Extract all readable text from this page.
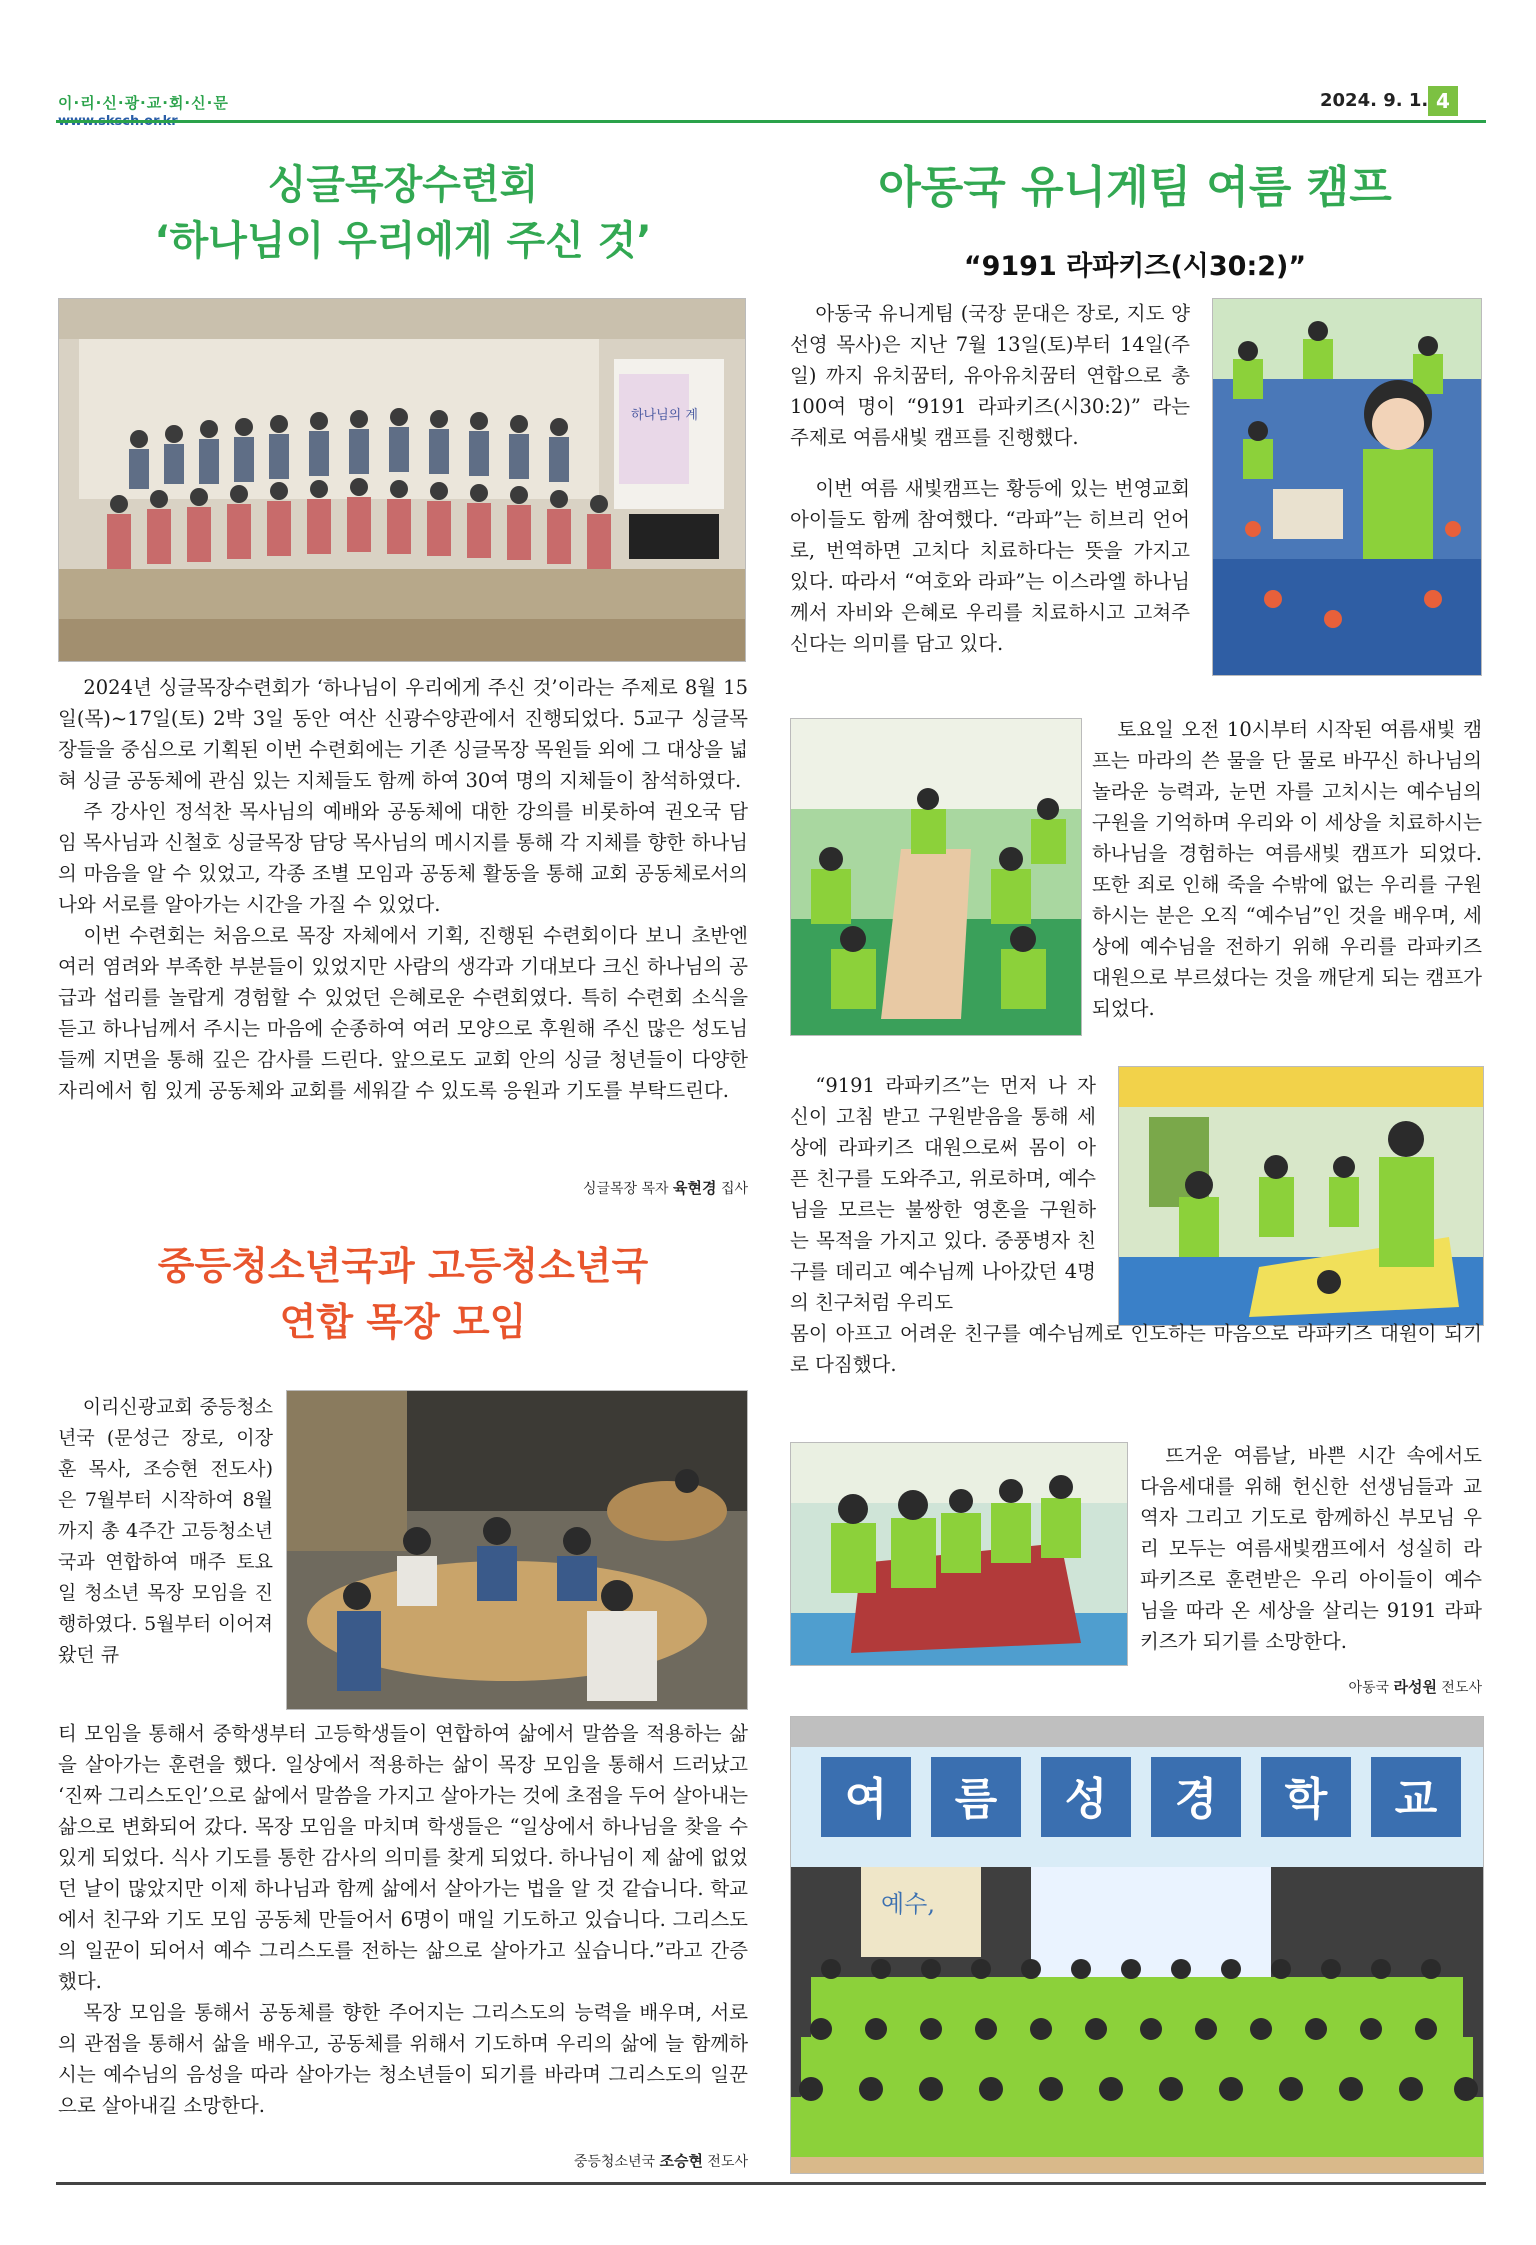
이·리·신·광·교·회·신·문	2024. 9. 1. 4
싱글목장수련회
‘하나님이 우리에게 주신 것’
하나님의 계

2024년 싱글목장수련회가 ‘하나님이 우리에게 주신 것’이라는 주제로 8월 15일(목)~17일(토) 2박 3일 동안 여산 신광수양관에서 진행되었다. 5교구 싱글목장들을 중심으로 기획된 이번 수련회에는 기존 싱글목장 목원들 외에 그 대상을 넓혀 싱글 공동체에 관심 있는 지체들도 함께 하여 30여 명의 지체들이 참석하였다.

주 강사인 정석찬 목사님의 예배와 공동체에 대한 강의를 비롯하여 권오국 담임 목사님과 신철호 싱글목장 담당 목사님의 메시지를 통해 각 지체를 향한 하나님의 마음을 알 수 있었고, 각종 조별 모임과 공동체 활동을 통해 교회 공동체로서의 나와 서로를 알아가는 시간을 가질 수 있었다.

이번 수련회는 처음으로 목장 자체에서 기획, 진행된 수련회이다 보니 초반엔 여러 염려와 부족한 부분들이 있었지만 사람의 생각과 기대보다 크신 하나님의 공급과 섭리를 놀랍게 경험할 수 있었던 은혜로운 수련회였다. 특히 수련회 소식을 듣고 하나님께서 주시는 마음에 순종하여 여러 모양으로 후원해 주신 많은 성도님들께 지면을 통해 깊은 감사를 드린다. 앞으로도 교회 안의 싱글 청년들이 다양한 자리에서 힘 있게 공동체와 교회를 세워갈 수 있도록 응원과 기도를 부탁드린다.

싱글목장 목자 육현경 집사
중등청소년국과 고등청소년국
연합 목장 모임

이리신광교회 중등청소년국 (문성근 장로, 이장훈 목사, 조승현 전도사)은 7월부터 시작하여 8월까지 총 4주간 고등청소년국과 연합하여 매주 토요일 청소년 목장 모임을 진행하였다. 5월부터 이어져왔던 큐

티 모임을 통해서 중학생부터 고등학생들이 연합하여 삶에서 말씀을 적용하는 삶을 살아가는 훈련을 했다. 일상에서 적용하는 삶이 목장 모임을 통해서 드러났고 ‘진짜 그리스도인’으로 삶에서 말씀을 가지고 살아가는 것에 초점을 두어 살아내는 삶으로 변화되어 갔다. 목장 모임을 마치며 학생들은 “일상에서 하나님을 찾을 수 있게 되었다. 식사 기도를 통한 감사의 의미를 찾게 되었다. 하나님이 제 삶에 없었던 날이 많았지만 이제 하나님과 함께 삶에서 살아가는 법을 알 것 같습니다. 학교에서 친구와 기도 모임 공동체 만들어서 6명이 매일 기도하고 있습니다. 그리스도의 일꾼이 되어서 예수 그리스도를 전하는 삶으로 살아가고 싶습니다.”라고 간증했다.

목장 모임을 통해서 공동체를 향한 주어지는 그리스도의 능력을 배우며, 서로의 관점을 통해서 삶을 배우고, 공동체를 위해서 기도하며 우리의 삶에 늘 함께하시는 예수님의 음성을 따라 살아가는 청소년들이 되기를 바라며 그리스도의 일꾼으로 살아내길 소망한다.

중등청소년국 조승현 전도사
아동국 유니게팀 여름 캠프
“9191 라파키즈(시30:2)”

아동국 유니게팀 (국장 문대은 장로, 지도 양선영 목사)은 지난 7월 13일(토)부터 14일(주일) 까지 유치꿈터, 유아유치꿈터 연합으로 총 100여 명이 “9191 라파키즈(시30:2)” 라는 주제로 여름새빛 캠프를 진행했다.

이번 여름 새빛캠프는 황등에 있는 번영교회 아이들도 함께 참여했다. “라파”는 히브리 언어로, 번역하면 고치다 치료하다는 뜻을 가지고 있다. 따라서 “여호와 라파”는 이스라엘 하나님께서 자비와 은혜로 우리를 치료하시고 고쳐주신다는 의미를 담고 있다.

토요일 오전 10시부터 시작된 여름새빛 캠프는 마라의 쓴 물을 단 물로 바꾸신 하나님의 놀라운 능력과, 눈먼 자를 고치시는 예수님의 구원을 기억하며 우리와 이 세상을 치료하시는 하나님을 경험하는 여름새빛 캠프가 되었다. 또한 죄로 인해 죽을 수밖에 없는 우리를 구원하시는 분은 오직 “예수님”인 것을 배우며, 세상에 예수님을 전하기 위해 우리를 라파키즈 대원으로 부르셨다는 것을 깨닫게 되는 캠프가 되었다.

“9191 라파키즈”는 먼저 나 자신이 고침 받고 구원받음을 통해 세상에 라파키즈 대원으로써 몸이 아픈 친구를 도와주고, 위로하며, 예수님을 모르는 불쌍한 영혼을 구원하는 목적을 가지고 있다. 중풍병자 친구를 데리고 예수님께 나아갔던 4명의 친구처럼 우리도

몸이 아프고 어려운 친구를 예수님께로 인도하는 마음으로 라파키즈 대원이 되기로 다짐했다.

뜨거운 여름날, 바쁜 시간 속에서도 다음세대를 위해 헌신한 선생님들과 교역자 그리고 기도로 함께하신 부모님 우리 모두는 여름새빛캠프에서 성실히 라파키즈로 훈련받은 우리 아이들이 예수님을 따라 온 세상을 살리는 9191 라파키즈가 되기를 소망한다.

아동국 라성원 전도사
여 름 성 경 학 교
예수,
